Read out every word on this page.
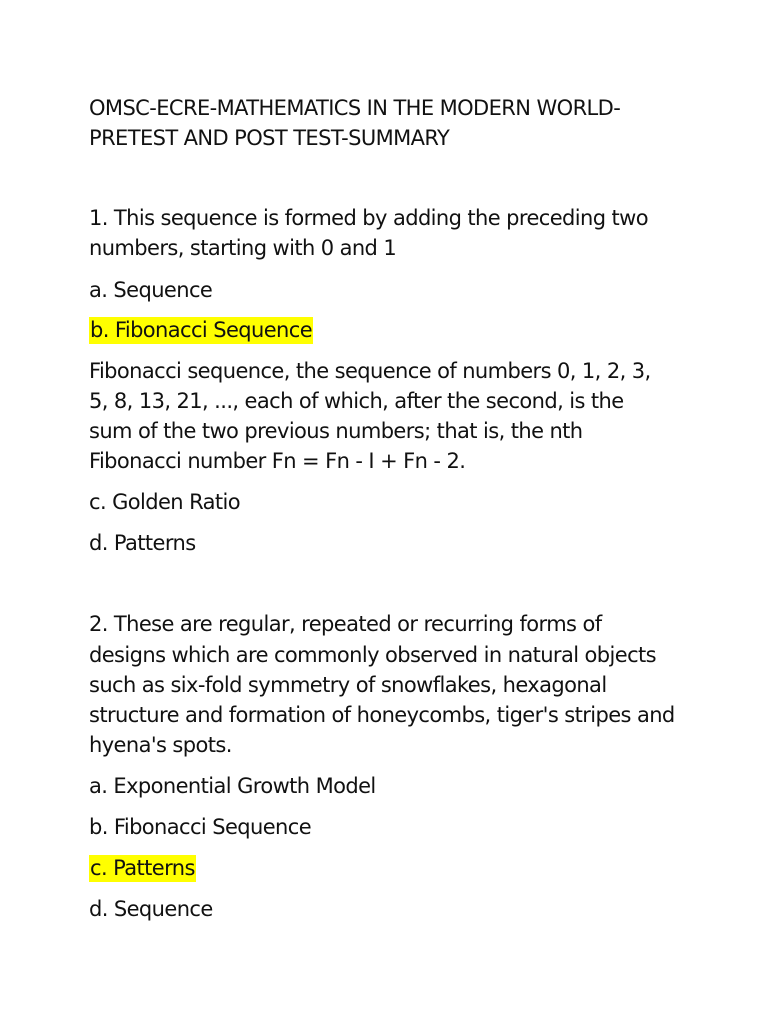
OMSC-ECRE-MATHEMATICS IN THE MODERN WORLD-

PRETEST AND POST TEST-SUMMARY

1. This sequence is formed by adding the preceding two

numbers, starting with 0 and 1

a. Sequence

b. Fibonacci Sequence

Fibonacci sequence, the sequence of numbers 0, 1, 2, 3,

5, 8, 13, 21, ..., each of which, after the second, is the

sum of the two previous numbers; that is, the nth

Fibonacci number Fn = Fn - I + Fn - 2.

c. Golden Ratio

d. Patterns

2. These are regular, repeated or recurring forms of

designs which are commonly observed in natural objects

such as six-fold symmetry of snowflakes, hexagonal

structure and formation of honeycombs, tiger's stripes and

hyena's spots.

a. Exponential Growth Model

b. Fibonacci Sequence

c. Patterns

d. Sequence
